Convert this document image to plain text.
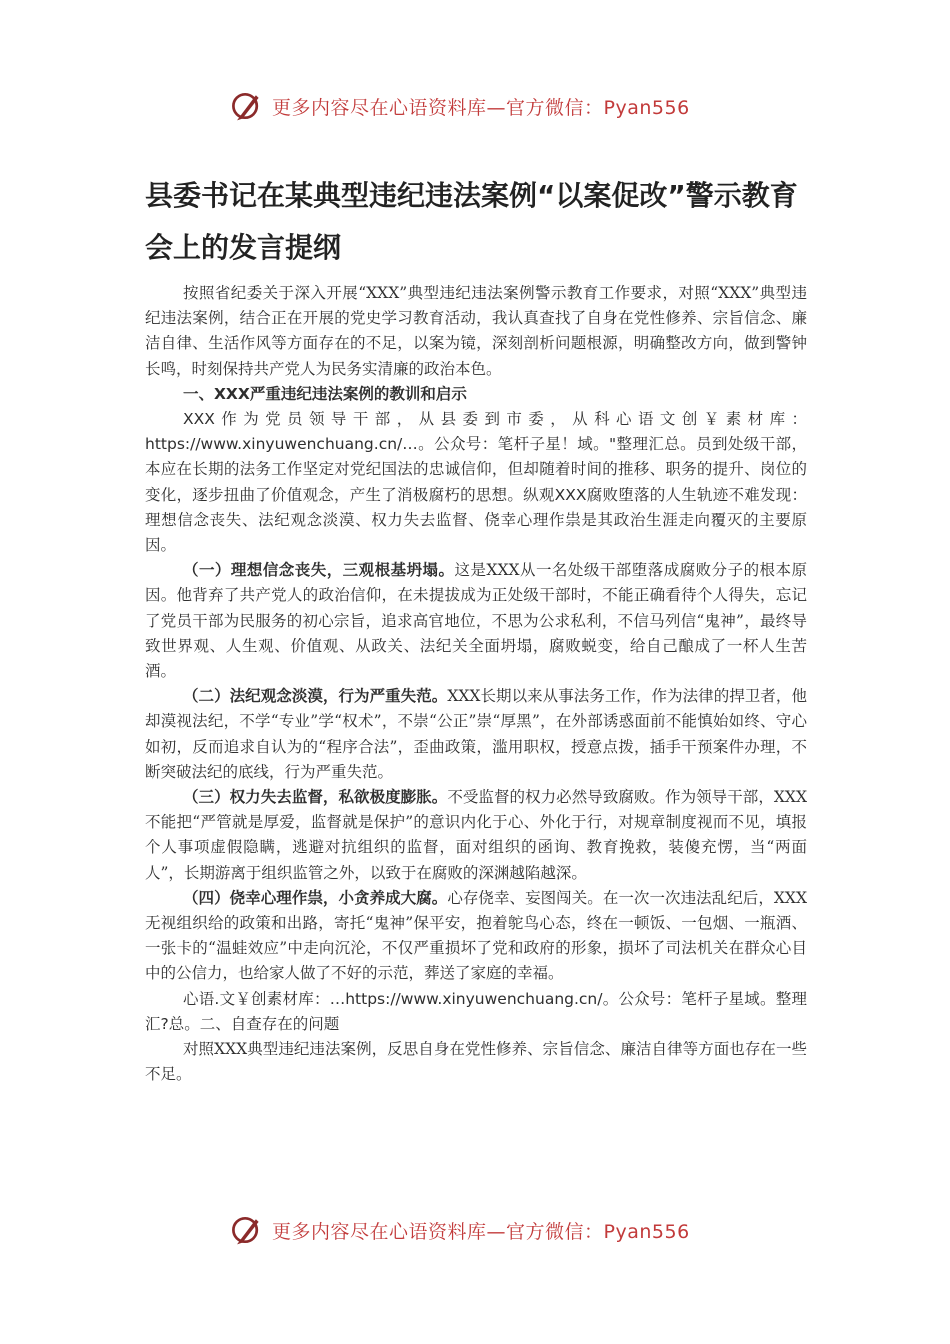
更多内容尽在心语资料库—官方微信：Pyan556
县委书记在某典型违纪违法案例“以案促改”警示教育会上的发言提纲

按照省纪委关于深入开展“XXX”典型违纪违法案例警示教育工作要求，对照“XXX”典型违纪违法案例，结合正在开展的党史学习教育活动，我认真查找了自身在党性修养、宗旨信念、廉洁自律、生活作风等方面存在的不足，以案为镜，深刻剖析问题根源，明确整改方向，做到警钟长鸣，时刻保持共产党人为民务实清廉的政治本色。

一、XXX严重违纪违法案例的教训和启示

XXX作为党员领导干部，从县委到市委，从科心语文创￥素材库：https://www.xinyuwenchuang.cn/…。公众号：笔杆子星！域。"整理汇总。员到处级干部，本应在长期的法务工作坚定对党纪国法的忠诚信仰，但却随着时间的推移、职务的提升、岗位的变化，逐步扭曲了价值观念，产生了消极腐朽的思想。纵观XXX腐败堕落的人生轨迹不难发现：理想信念丧失、法纪观念淡漠、权力失去监督、侥幸心理作祟是其政治生涯走向覆灭的主要原因。

（一）理想信念丧失，三观根基坍塌。这是XXX从一名处级干部堕落成腐败分子的根本原因。他背弃了共产党人的政治信仰，在未提拔成为正处级干部时，不能正确看待个人得失，忘记了党员干部为民服务的初心宗旨，追求高官地位，不思为公求私利，不信马列信“鬼神”，最终导致世界观、人生观、价值观、从政关、法纪关全面坍塌，腐败蜕变，给自己酿成了一杯人生苦酒。

（二）法纪观念淡漠，行为严重失范。XXX长期以来从事法务工作，作为法律的捍卫者，他却漠视法纪，不学“专业”学“权术”，不崇“公正”崇“厚黑”，在外部诱惑面前不能慎始如终、守心如初，反而追求自认为的“程序合法”，歪曲政策，滥用职权，授意点拨，插手干预案件办理，不断突破法纪的底线，行为严重失范。

（三）权力失去监督，私欲极度膨胀。不受监督的权力必然导致腐败。作为领导干部，XXX不能把“严管就是厚爱，监督就是保护”的意识内化于心、外化于行，对规章制度视而不见，填报个人事项虚假隐瞒，逃避对抗组织的监督，面对组织的函询、教育挽救，装傻充愣，当“两面人”，长期游离于组织监管之外，以致于在腐败的深渊越陷越深。

（四）侥幸心理作祟，小贪养成大腐。心存侥幸、妄图闯关。在一次一次违法乱纪后，XXX无视组织给的政策和出路，寄托“鬼神”保平安，抱着鸵鸟心态，终在一顿饭、一包烟、一瓶酒、一张卡的“温蛙效应”中走向沉沦，不仅严重损坏了党和政府的形象，损坏了司法机关在群众心目中的公信力，也给家人做了不好的示范，葬送了家庭的幸福。

心语.文￥创素材库：…https://www.xinyuwenchuang.cn/。公众号：笔杆子星域。整理汇?总。二、自查存在的问题

对照XXX典型违纪违法案例，反思自身在党性修养、宗旨信念、廉洁自律等方面也存在一些不足。

更多内容尽在心语资料库—官方微信：Pyan556
